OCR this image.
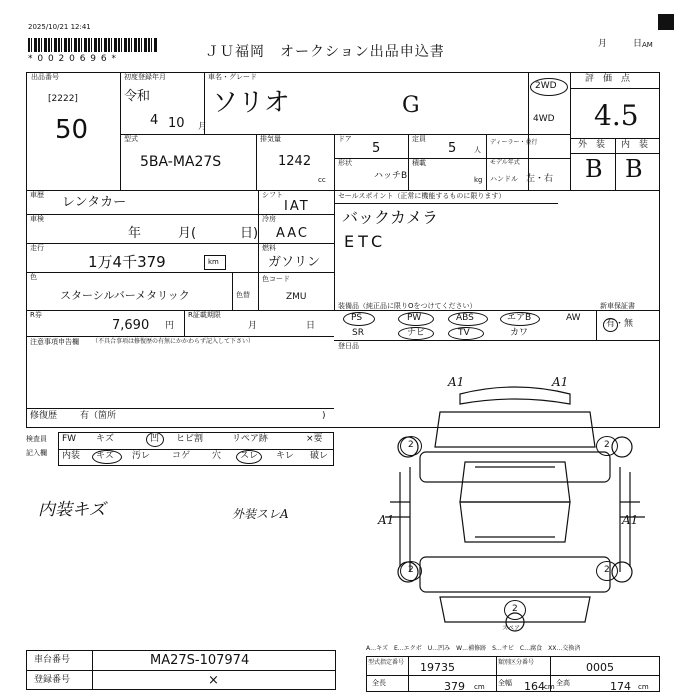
2025/10/21 12:41
* 0 0 2 0 6 9 6 *	ＪＵ福岡　オークション出品申込書	月	日 AM
出品番号
[2222]
50
初度登録年月
令和
4 10 月
車名・グレード
ソリオ	G
2WD
4WD
評　価　点
4.5
外　装 内　装
B B
型式
5BA-MA27S
排気量
1242
cc
ドア
5
定員
5	人
ディーラー・並行
形状
ハッチB
積載
kg
モデル年式
ハンドル 左・右
車歴 レンタカー
車検
年	月(	日)
走行
1万4千379	km
シフト
IAT
冷房
AAC
燃料
ガソリン
セールスポイント（正常に機能するものに限ります）
バックカメラ
ETC
色
スターシルバーメタリック	色替
色コード
ZMU
R券
7,690 円
R証載期限
月	日
装備品（純正品に限りOをつけてください）	新車保証書
有・無
PS	PW	ABS	エアB	AW
SR	ナビ	TV	カワ
注意事項申告欄 （不具合事項は修復歴の有無にかかわらず記入して下さい）
修復歴	有（箇所	)
登日品
検査員
記入欄
FW キズ	凹 ヒビ割	リペア跡	×要
内装 キズ 汚レ コゲ 穴 スレ キレ 破レ
内装キズ	外装スレA
A1	A1
A1	A1
2	2
2	2
2
スペア
A…キズ　E…エクボ　U…凹み　W…補修跡　S…サビ　C…腐食　XX…交換済
車台番号	MA27S-107974
登録番号	×
型式指定番号 19735	類別区分番号	0005
全長	379 cm 全幅 164 cm 全高	174 cm
